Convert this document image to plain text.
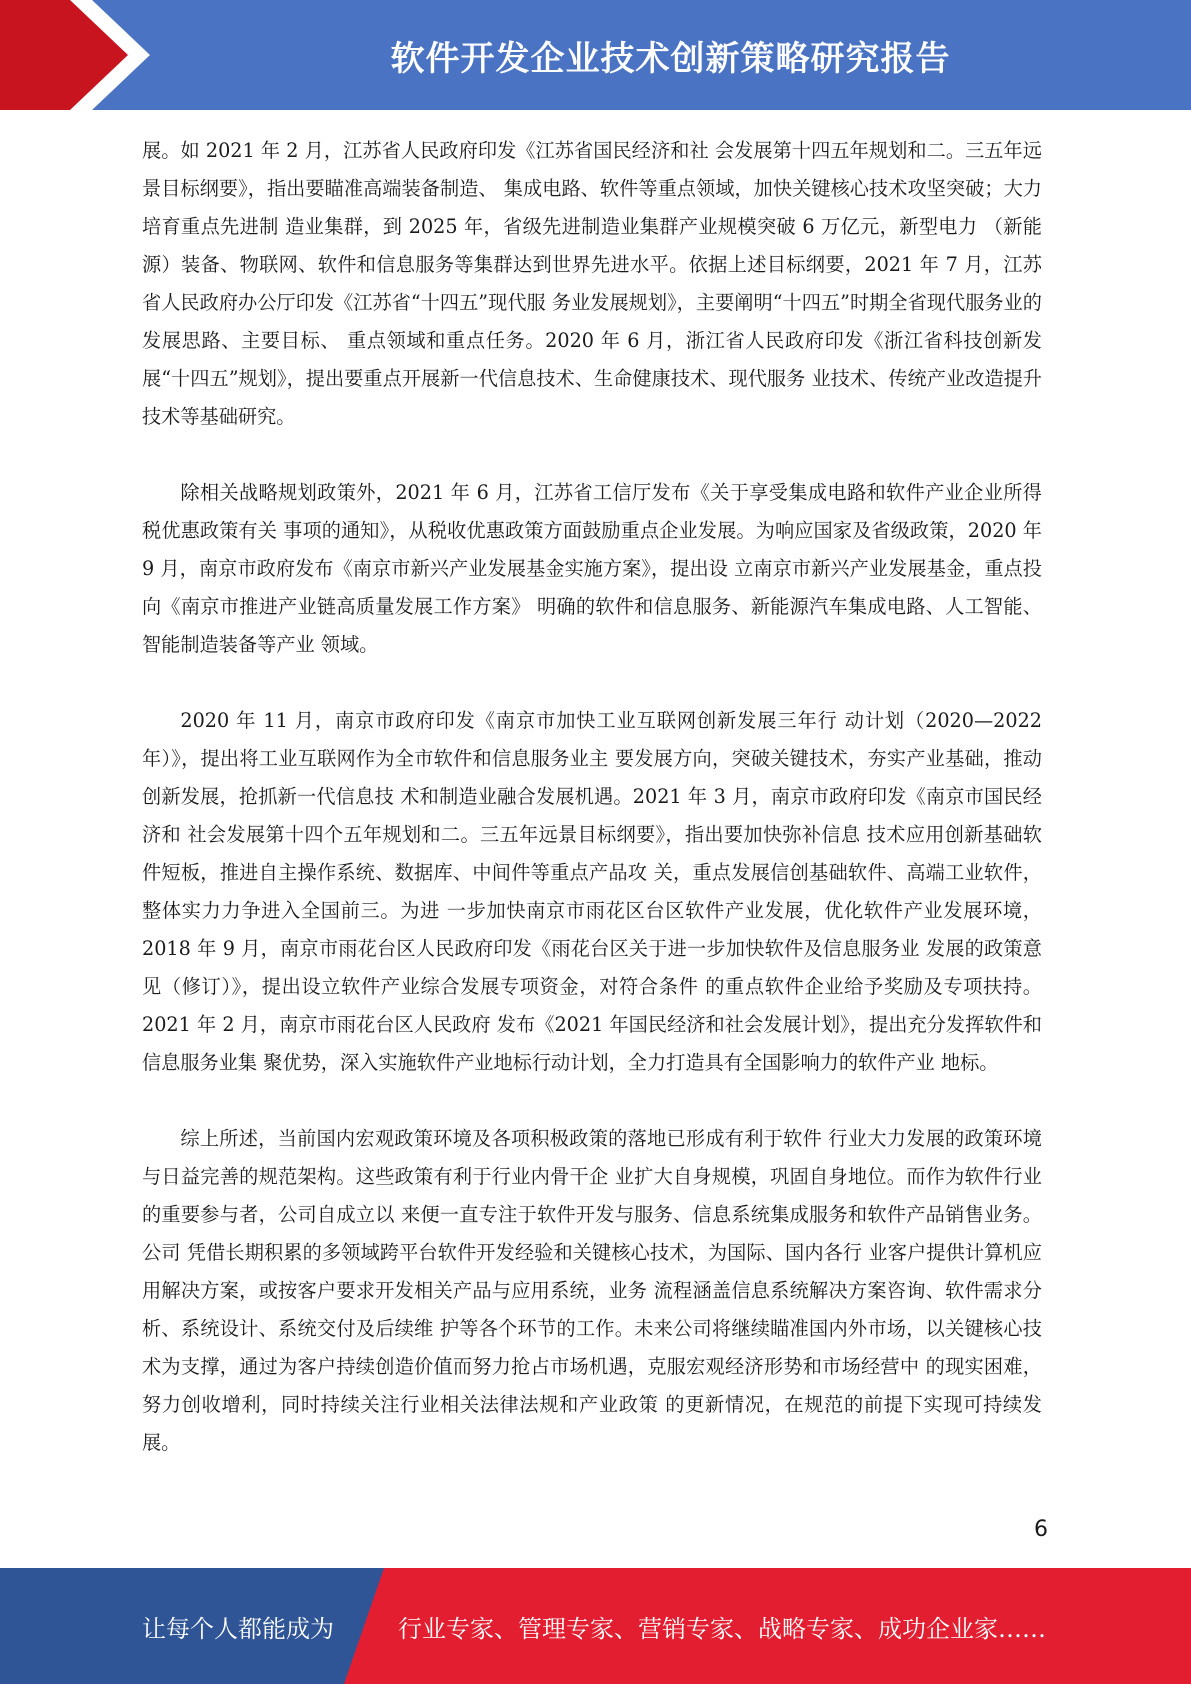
软件开发企业技术创新策略研究报告

展。如 2021 年 2 月，江苏省人民政府印发《江苏省国民经济和社 会发展第十四五年规划和二。三五年远景目标纲要》，指出要瞄准高端装备制造、 集成电路、软件等重点领域，加快关键核心技术攻坚突破；大力培育重点先进制 造业集群，到 2025 年，省级先进制造业集群产业规模突破 6 万亿元，新型电力 （新能源）装备、物联网、软件和信息服务等集群达到世界先进水平。依据上述目标纲要，2021 年 7 月，江苏省人民政府办公厅印发《江苏省“十四五”现代服 务业发展规划》，主要阐明“十四五”时期全省现代服务业的发展思路、主要目标、 重点领域和重点任务。2020 年 6 月，浙江省人民政府印发《浙江省科技创新发 展“十四五”规划》，提出要重点开展新一代信息技术、生命健康技术、现代服务 业技术、传统产业改造提升技术等基础研究。

除相关战略规划政策外，2021 年 6 月，江苏省工信厅发布《关于享受集成电路和软件产业企业所得税优惠政策有关 事项的通知》，从税收优惠政策方面鼓励重点企业发展。为响应国家及省级政策，2020 年 9 月，南京市政府发布《南京市新兴产业发展基金实施方案》，提出设 立南京市新兴产业发展基金，重点投向《南京市推进产业链高质量发展工作方案》 明确的软件和信息服务、新能源汽车集成电路、人工智能、智能制造装备等产业 领域。

2020 年 11 月，南京市政府印发《南京市加快工业互联网创新发展三年行 动计划（2020—2022 年）》，提出将工业互联网作为全市软件和信息服务业主 要发展方向，突破关键技术，夯实产业基础，推动创新发展，抢抓新一代信息技 术和制造业融合发展机遇。2021 年 3 月，南京市政府印发《南京市国民经济和 社会发展第十四个五年规划和二。三五年远景目标纲要》，指出要加快弥补信息 技术应用创新基础软件短板，推进自主操作系统、数据库、中间件等重点产品攻 关，重点发展信创基础软件、高端工业软件，整体实力力争进入全国前三。为进 一步加快南京市雨花区台区软件产业发展，优化软件产业发展环境，2018 年 9 月，南京市雨花台区人民政府印发《雨花台区关于进一步加快软件及信息服务业 发展的政策意见（修订）》，提出设立软件产业综合发展专项资金，对符合条件 的重点软件企业给予奖励及专项扶持。2021 年 2 月，南京市雨花台区人民政府 发布《2021 年国民经济和社会发展计划》，提出充分发挥软件和信息服务业集 聚优势，深入实施软件产业地标行动计划，全力打造具有全国影响力的软件产业 地标。

综上所述，当前国内宏观政策环境及各项积极政策的落地已形成有利于软件 行业大力发展的政策环境与日益完善的规范架构。这些政策有利于行业内骨干企 业扩大自身规模，巩固自身地位。而作为软件行业的重要参与者，公司自成立以 来便一直专注于软件开发与服务、信息系统集成服务和软件产品销售业务。公司 凭借长期积累的多领域跨平台软件开发经验和关键核心技术，为国际、国内各行 业客户提供计算机应用解决方案，或按客户要求开发相关产品与应用系统，业务 流程涵盖信息系统解决方案咨询、软件需求分析、系统设计、系统交付及后续维 护等各个环节的工作。未来公司将继续瞄准国内外市场，以关键核心技术为支撑，通过为客户持续创造价值而努力抢占市场机遇，克服宏观经济形势和市场经营中 的现实困难，努力创收增利，同时持续关注行业相关法律法规和产业政策 的更新情况，在规范的前提下实现可持续发展。

6
让每个人都能成为	行业专家、管理专家、营销专家、战略专家、成功企业家……
